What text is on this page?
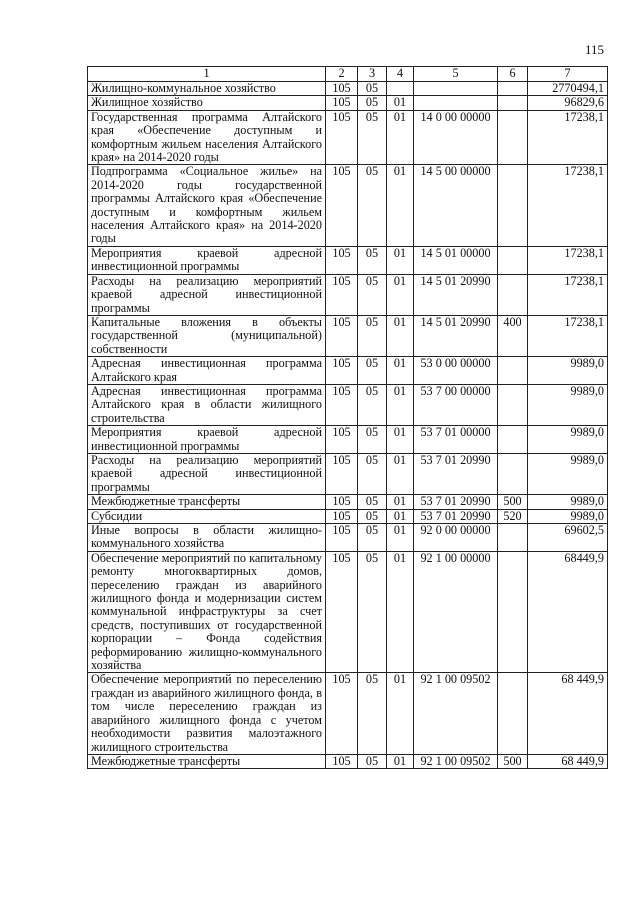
115
1	2	3	4	5	6	7
Жилищно-коммунальное хозяйство	105	05				2770494,1
Жилищное хозяйство	105	05	01			96829,6
Государственная программа Алтайского края «Обеспечение доступным и комфортным жильем населения Алтайского края» на 2014-2020 годы	105	05	01	14 0 00 00000		17238,1
Подпрограмма «Социальное жилье» на 2014-2020 годы государственной программы Алтайского края «Обеспечение доступным и комфортным жильем населения Алтайского края» на 2014-2020 годы	105	05	01	14 5 00 00000		17238,1
Мероприятия краевой адресной инвестиционной программы	105	05	01	14 5 01 00000		17238,1
Расходы на реализацию мероприятий краевой адресной инвестиционной программы	105	05	01	14 5 01 20990		17238,1
Капитальные вложения в объекты государственной (муниципальной) собственности	105	05	01	14 5 01 20990	400	17238,1
Адресная инвестиционная программа Алтайского края	105	05	01	53 0 00 00000		9989,0
Адресная инвестиционная программа Алтайского края в области жилищного строительства	105	05	01	53 7 00 00000		9989,0
Мероприятия краевой адресной инвестиционной программы	105	05	01	53 7 01 00000		9989,0
Расходы на реализацию мероприятий краевой адресной инвестиционной программы	105	05	01	53 7 01 20990		9989,0
Межбюджетные трансферты	105	05	01	53 7 01 20990	500	9989,0
Субсидии	105	05	01	53 7 01 20990	520	9989,0
Иные вопросы в области жилищно-коммунального хозяйства	105	05	01	92 0 00 00000		69602,5
Обеспечение мероприятий по капитальному ремонту многоквартирных домов, переселению граждан из аварийного жилищного фонда и модернизации систем коммунальной инфраструктуры за счет средств, поступивших от государственной корпорации – Фонда содействия реформированию жилищно-коммунального хозяйства	105	05	01	92 1 00 00000		68449,9
Обеспечение мероприятий по переселению граждан из аварийного жилищного фонда, в том числе переселению граждан из аварийного жилищного фонда с учетом необходимости развития малоэтажного жилищного строительства	105	05	01	92 1 00 09502		68 449,9
Межбюджетные трансферты	105	05	01	92 1 00 09502	500	68 449,9
